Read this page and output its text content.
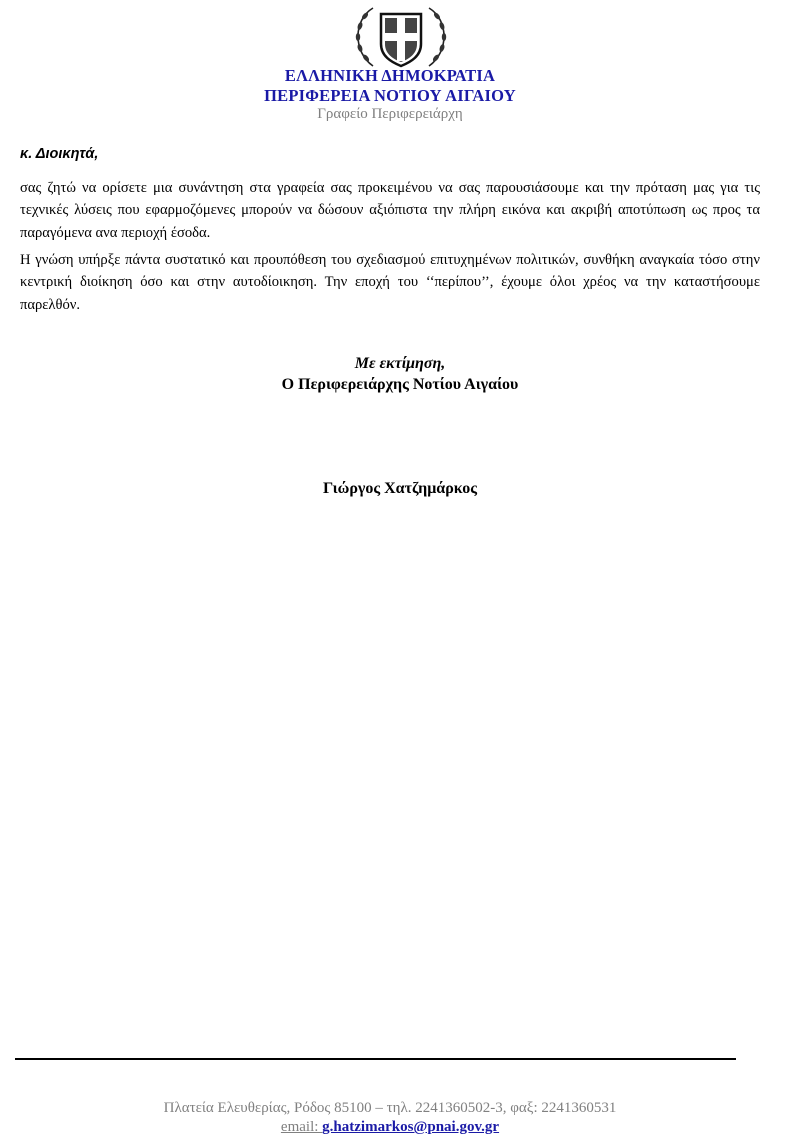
ΕΛΛΗΝΙΚΗ ΔΗΜΟΚΡΑΤΙΑ
ΠΕΡΙΦΕΡΕΙΑ ΝΟΤΙΟΥ ΑΙΓΑΙΟΥ
Γραφείο Περιφερειάρχη
κ. Διοικητά,
σας ζητώ να ορίσετε μια συνάντηση στα γραφεία σας προκειμένου να σας παρουσιάσουμε και την πρόταση μας για τις τεχνικές λύσεις που εφαρμοζόμενες μπορούν να δώσουν αξιόπιστα την πλήρη εικόνα και ακριβή αποτύπωση ως προς τα παραγόμενα ανα περιοχή έσοδα.
Η γνώση υπήρξε πάντα συστατικό και προυπόθεση του σχεδιασμού επιτυχημένων πολιτικών, συνθήκη αναγκαία τόσο στην κεντρική διοίκηση όσο και στην αυτοδίοικηση. Την εποχή του ‘‘περίπου’’, έχουμε όλοι χρέος να την καταστήσουμε παρελθόν.
Με εκτίμηση,
Ο Περιφερειάρχης Νοτίου Αιγαίου
Γιώργος Χατζημάρκος
Πλατεία Ελευθερίας, Ρόδος 85100 – τηλ. 2241360502-3, φαξ: 2241360531
email: g.hatzimarkos@pnai.gov.gr
